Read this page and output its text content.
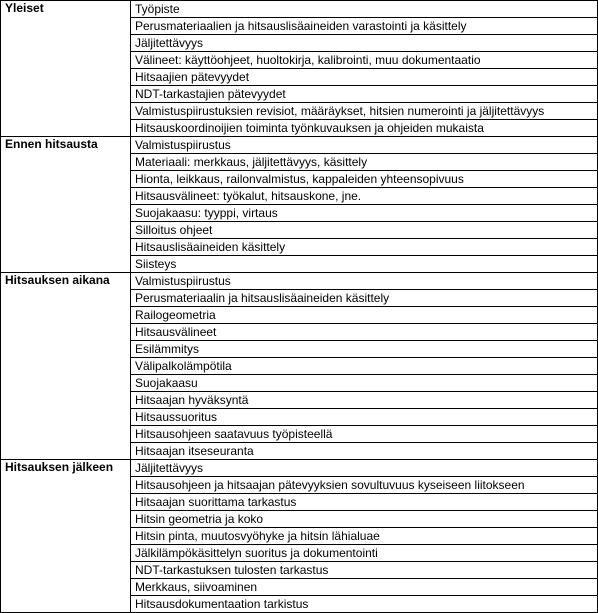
Yleiset	Työpiste
	Perusmateriaalien ja hitsauslisäaineiden varastointi ja käsittely
	Jäljitettävyys
	Välineet: käyttöohjeet, huoltokirja, kalibrointi, muu dokumentaatio
	Hitsaajien pätevyydet
	NDT-tarkastajien pätevyydet
	Valmistuspiirustuksien revisiot, määräykset, hitsien numerointi ja jäljitettävyys
	Hitsauskoordinoijien toiminta työnkuvauksen ja ohjeiden mukaista
Ennen hitsausta	Valmistuspiirustus
	Materiaali: merkkaus, jäljitettävyys, käsittely
	Hionta, leikkaus, railonvalmistus, kappaleiden yhteensopivuus
	Hitsausvälineet: työkalut, hitsauskone, jne.
	Suojakaasu: tyyppi, virtaus
	Silloitus ohjeet
	Hitsauslisäaineiden käsittely
	Siisteys
Hitsauksen aikana	Valmistuspiirustus
	Perusmateriaalin ja hitsauslisäaineiden käsittely
	Railogeometria
	Hitsausvälineet
	Esilämmitys
	Välipalkolämpötila
	Suojakaasu
	Hitsaajan hyväksyntä
	Hitsaussuoritus
	Hitsausohjeen saatavuus työpisteellä
	Hitsaajan itseseuranta
Hitsauksen jälkeen	Jäljitettävyys
	Hitsausohjeen ja hitsaajan pätevyyksien sovultuvuus kyseiseen liitokseen
	Hitsaajan suorittama tarkastus
	Hitsin geometria ja koko
	Hitsin pinta, muutosvyöhyke ja hitsin lähialuae
	Jälkilämpökäsittelyn suoritus ja dokumentointi
	NDT-tarkastuksen tulosten tarkastus
	Merkkaus, siivoaminen
	Hitsausdokumentaation tarkistus
